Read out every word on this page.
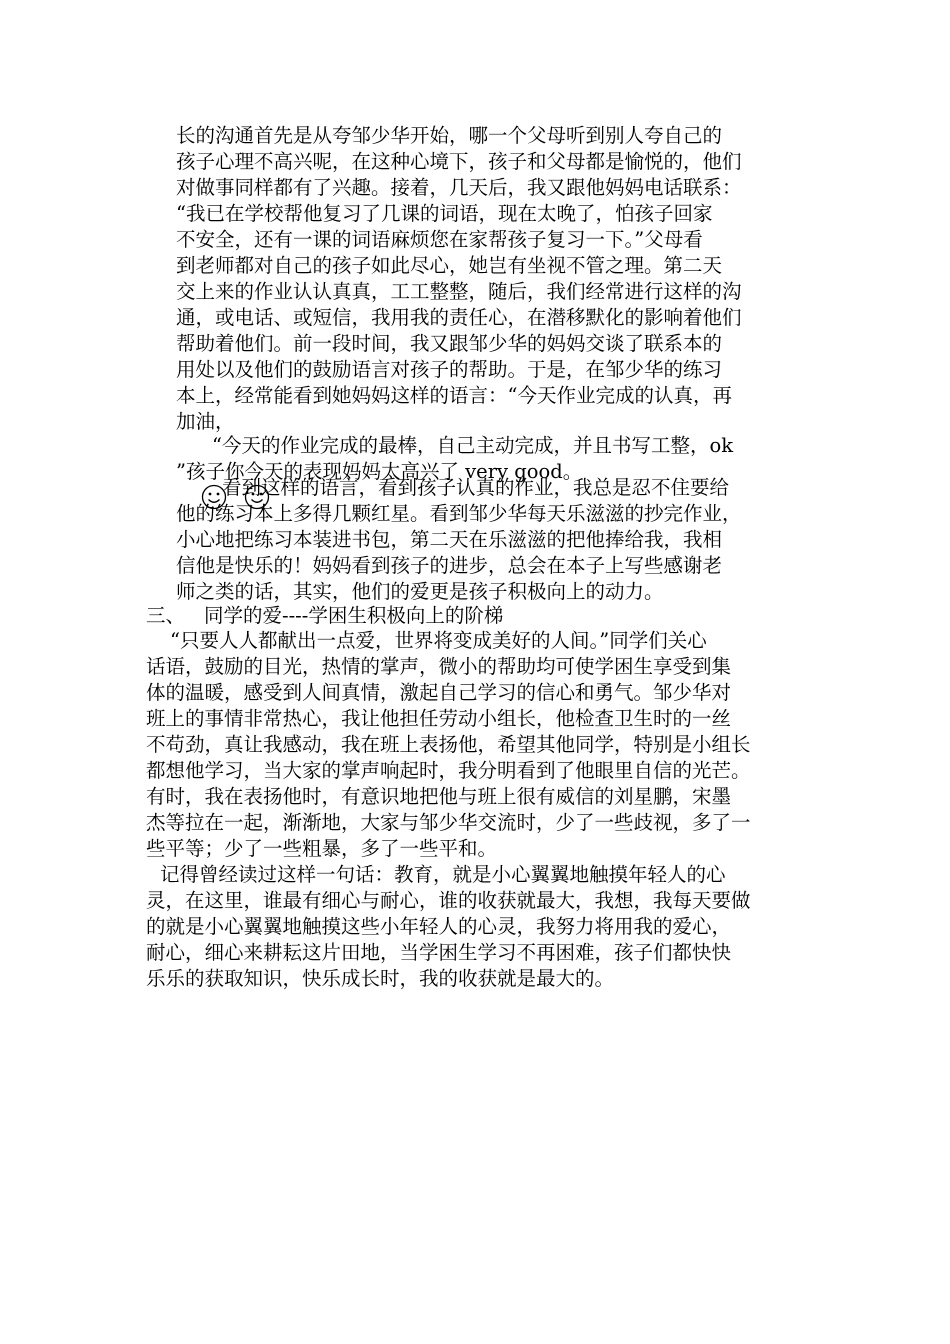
长的沟通首先是从夸邹少华开始，哪一个父母听到别人夸自己的
孩子心理不高兴呢，在这种心境下，孩子和父母都是愉悦的，他们
对做事同样都有了兴趣。接着，几天后，我又跟他妈妈电话联系：
“我已在学校帮他复习了几课的词语，现在太晚了，怕孩子回家
不安全，还有一课的词语麻烦您在家帮孩子复习一下。”父母看
到老师都对自己的孩子如此尽心，她岂有坐视不管之理。第二天
交上来的作业认认真真，工工整整，随后，我们经常进行这样的沟
通，或电话、或短信，我用我的责任心，在潜移默化的影响着他们
帮助着他们。前一段时间，我又跟邹少华的妈妈交谈了联系本的
用处以及他们的鼓励语言对孩子的帮助。于是，在邹少华的练习
本上，经常能看到她妈妈这样的语言：“今天作业完成的认真，再
加油，
“今天的作业完成的最棒，自己主动完成，并且书写工整，ok
”孩子你今天的表现妈妈太高兴了 very good。
看到这样的语言，看到孩子认真的作业，我总是忍不住要给
他的练习本上多得几颗红星。看到邹少华每天乐滋滋的抄完作业，
小心地把练习本装进书包，第二天在乐滋滋的把他捧给我，我相
信他是快乐的！妈妈看到孩子的进步，总会在本子上写些感谢老
师之类的话，其实，他们的爱更是孩子积极向上的动力。
三、 同学的爱----学困生积极向上的阶梯
“只要人人都献出一点爱，世界将变成美好的人间。”同学们关心
话语，鼓励的目光，热情的掌声，微小的帮助均可使学困生享受到集
体的温暖，感受到人间真情，激起自己学习的信心和勇气。邹少华对
班上的事情非常热心，我让他担任劳动小组长，他检查卫生时的一丝
不苟劲，真让我感动，我在班上表扬他，希望其他同学，特别是小组长
都想他学习，当大家的掌声响起时，我分明看到了他眼里自信的光芒。
有时，我在表扬他时，有意识地把他与班上很有威信的刘星鹏，宋墨
杰等拉在一起，渐渐地，大家与邹少华交流时，少了一些歧视，多了一
些平等；少了一些粗暴，多了一些平和。
记得曾经读过这样一句话：教育，就是小心翼翼地触摸年轻人的心
灵，在这里，谁最有细心与耐心，谁的收获就最大，我想，我每天要做
的就是小心翼翼地触摸这些小年轻人的心灵，我努力将用我的爱心，
耐心，细心来耕耘这片田地，当学困生学习不再困难，孩子们都快快
乐乐的获取知识，快乐成长时，我的收获就是最大的。
